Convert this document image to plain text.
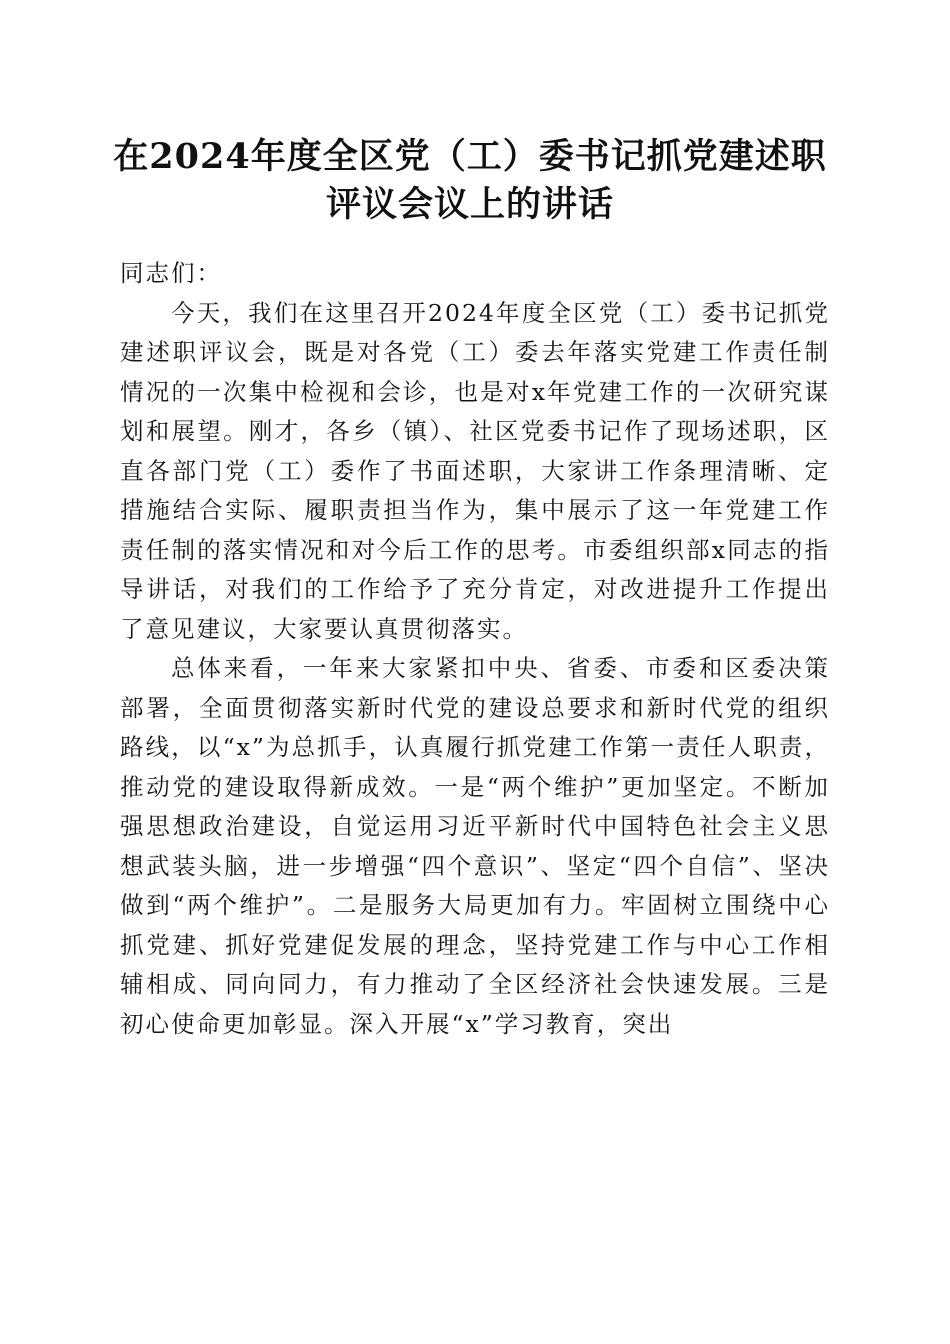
在2024年度全区党（工）委书记抓党建述职
评议会议上的讲话

同志们：

今天，我们在这里召开2024年度全区党（工）委书记抓党建述职评议会，既是对各党（工）委去年落实党建工作责任制情况的一次集中检视和会诊，也是对x年党建工作的一次研究谋划和展望。刚才，各乡（镇）、社区党委书记作了现场述职，区直各部门党（工）委作了书面述职，大家讲工作条理清晰、定措施结合实际、履职责担当作为，集中展示了这一年党建工作责任制的落实情况和对今后工作的思考。市委组织部x同志的指导讲话，对我们的工作给予了充分肯定，对改进提升工作提出了意见建议，大家要认真贯彻落实。

总体来看，一年来大家紧扣中央、省委、市委和区委决策部署，全面贯彻落实新时代党的建设总要求和新时代党的组织路线，以“x”为总抓手，认真履行抓党建工作第一责任人职责，推动党的建设取得新成效。一是“两个维护”更加坚定。不断加强思想政治建设，自觉运用习近平新时代中国特色社会主义思想武装头脑，进一步增强“四个意识”、坚定“四个自信”、坚决做到“两个维护”。二是服务大局更加有力。牢固树立围绕中心抓党建、抓好党建促发展的理念，坚持党建工作与中心工作相辅相成、同向同力，有力推动了全区经济社会快速发展。三是初心使命更加彰显。深入开展“x”学习教育，突出
